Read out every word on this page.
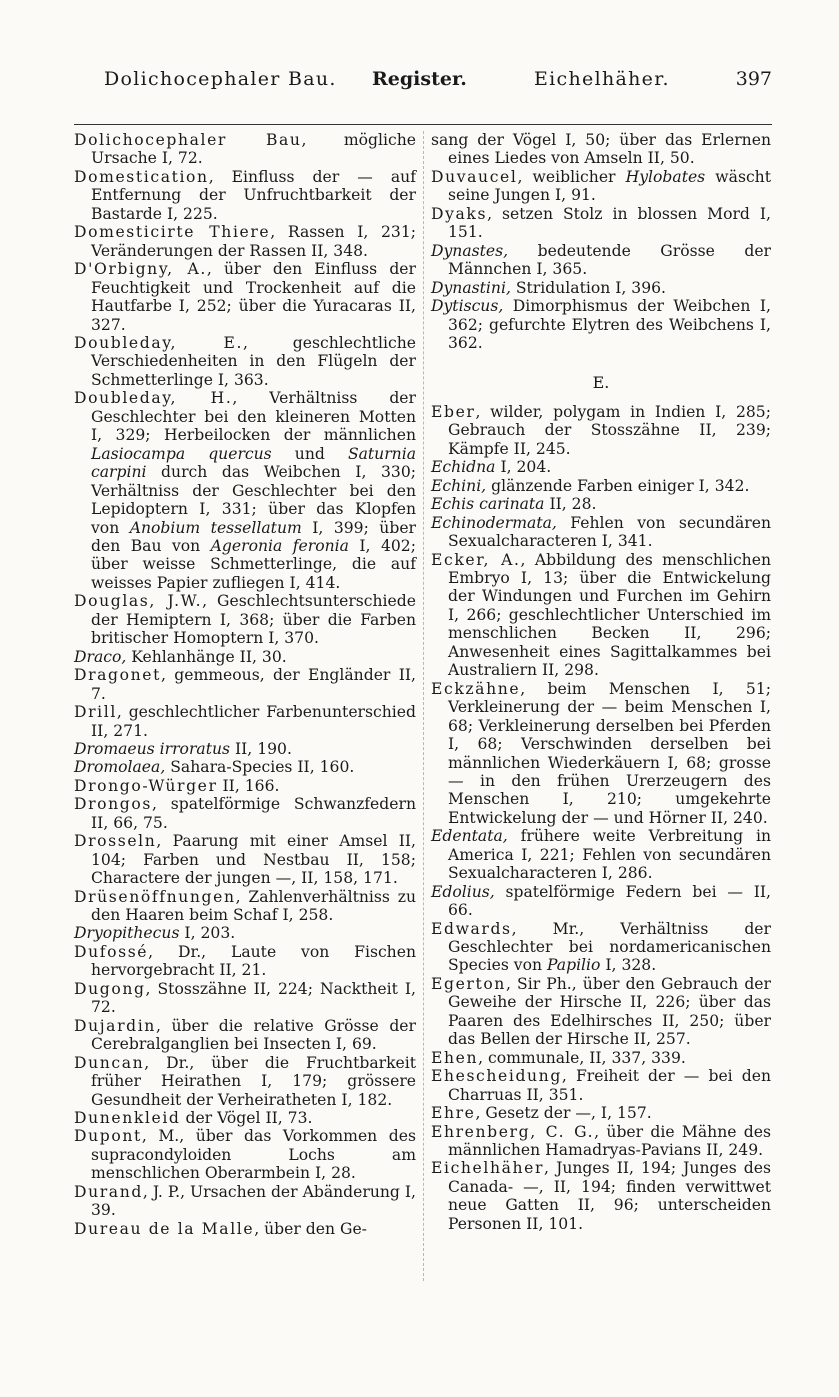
Dolichocephaler Bau. Register.	Eichelhäher.	397
Dolichocephaler Bau, mögliche Ursache I, 72.
Domestication, Einfluss der — auf Entfernung der Unfruchtbarkeit der Bastarde I, 225.
Domesticirte Thiere, Rassen I, 231; Veränderungen der Rassen II, 348.
D'Orbigny, A., über den Einfluss der Feuchtigkeit und Trockenheit auf die Hautfarbe I, 252; über die Yuracaras II, 327.
Doubleday, E., geschlechtliche Verschiedenheiten in den Flügeln der Schmetterlinge I, 363.
Doubleday, H., Verhältniss der Geschlechter bei den kleineren Motten I, 329; Herbeilocken der männlichen Lasiocampa quercus und Saturnia carpini durch das Weibchen I, 330; Verhältniss der Geschlechter bei den Lepidoptern I, 331; über das Klopfen von Anobium tessellatum I, 399; über den Bau von Ageronia feronia I, 402; über weisse Schmetterlinge, die auf weisses Papier zufliegen I, 414.
Douglas, J.W., Geschlechtsunterschiede der Hemiptern I, 368; über die Farben britischer Homoptern I, 370.
Draco, Kehlanhänge II, 30.
Dragonet, gemmeous, der Engländer II, 7.
Drill, geschlechtlicher Farbenunterschied II, 271.
Dromaeus irroratus II, 190.
Dromolaea, Sahara-Species II, 160.
Drongo-Würger II, 166.
Drongos, spatelförmige Schwanzfedern II, 66, 75.
Drosseln, Paarung mit einer Amsel II, 104; Farben und Nestbau II, 158; Charactere der jungen —, II, 158, 171.
Drüsenöffnungen, Zahlenverhältniss zu den Haaren beim Schaf I, 258.
Dryopithecus I, 203.
Dufossé, Dr., Laute von Fischen hervorgebracht II, 21.
Dugong, Stosszähne II, 224; Nacktheit I, 72.
Dujardin, über die relative Grösse der Cerebralganglien bei Insecten I, 69.
Duncan, Dr., über die Fruchtbarkeit früher Heirathen I, 179; grössere Gesundheit der Verheiratheten I, 182.
Dunenkleid der Vögel II, 73.
Dupont, M., über das Vorkommen des supracondyloiden Lochs am menschlichen Oberarmbein I, 28.
Durand, J. P., Ursachen der Abänderung I, 39.
Dureau de la Malle, über den Ge-
sang der Vögel I, 50; über das Erlernen eines Liedes von Amseln II, 50.
Duvaucel, weiblicher Hylobates wäscht seine Jungen I, 91.
Dyaks, setzen Stolz in blossen Mord I, 151.
Dynastes, bedeutende Grösse der Männchen I, 365.
Dynastini, Stridulation I, 396.
Dytiscus, Dimorphismus der Weibchen I, 362; gefurchte Elytren des Weibchens I, 362.
E.
Eber, wilder, polygam in Indien I, 285; Gebrauch der Stosszähne II, 239; Kämpfe II, 245.
Echidna I, 204.
Echini, glänzende Farben einiger I, 342.
Echis carinata II, 28.
Echinodermata, Fehlen von secundären Sexualcharacteren I, 341.
Ecker, A., Abbildung des menschlichen Embryo I, 13; über die Entwickelung der Windungen und Furchen im Gehirn I, 266; geschlechtlicher Unterschied im menschlichen Becken II, 296; Anwesenheit eines Sagittalkammes bei Australiern II, 298.
Eckzähne, beim Menschen I, 51; Verkleinerung der — beim Menschen I, 68; Verkleinerung derselben bei Pferden I, 68; Verschwinden derselben bei männlichen Wiederkäuern I, 68; grosse — in den frühen Urerzeugern des Menschen I, 210; umgekehrte Entwickelung der — und Hörner II, 240.
Edentata, frühere weite Verbreitung in America I, 221; Fehlen von secundären Sexualcharacteren I, 286.
Edolius, spatelförmige Federn bei — II, 66.
Edwards, Mr., Verhältniss der Geschlechter bei nordamericanischen Species von Papilio I, 328.
Egerton, Sir Ph., über den Gebrauch der Geweihe der Hirsche II, 226; über das Paaren des Edelhirsches II, 250; über das Bellen der Hirsche II, 257.
Ehen, communale, II, 337, 339.
Ehescheidung, Freiheit der — bei den Charruas II, 351.
Ehre, Gesetz der —, I, 157.
Ehrenberg, C. G., über die Mähne des männlichen Hamadryas-Pavians II, 249.
Eichelhäher, Junges II, 194; Junges des Canada- —, II, 194; finden verwittwet neue Gatten II, 96; unterscheiden Personen II, 101.
